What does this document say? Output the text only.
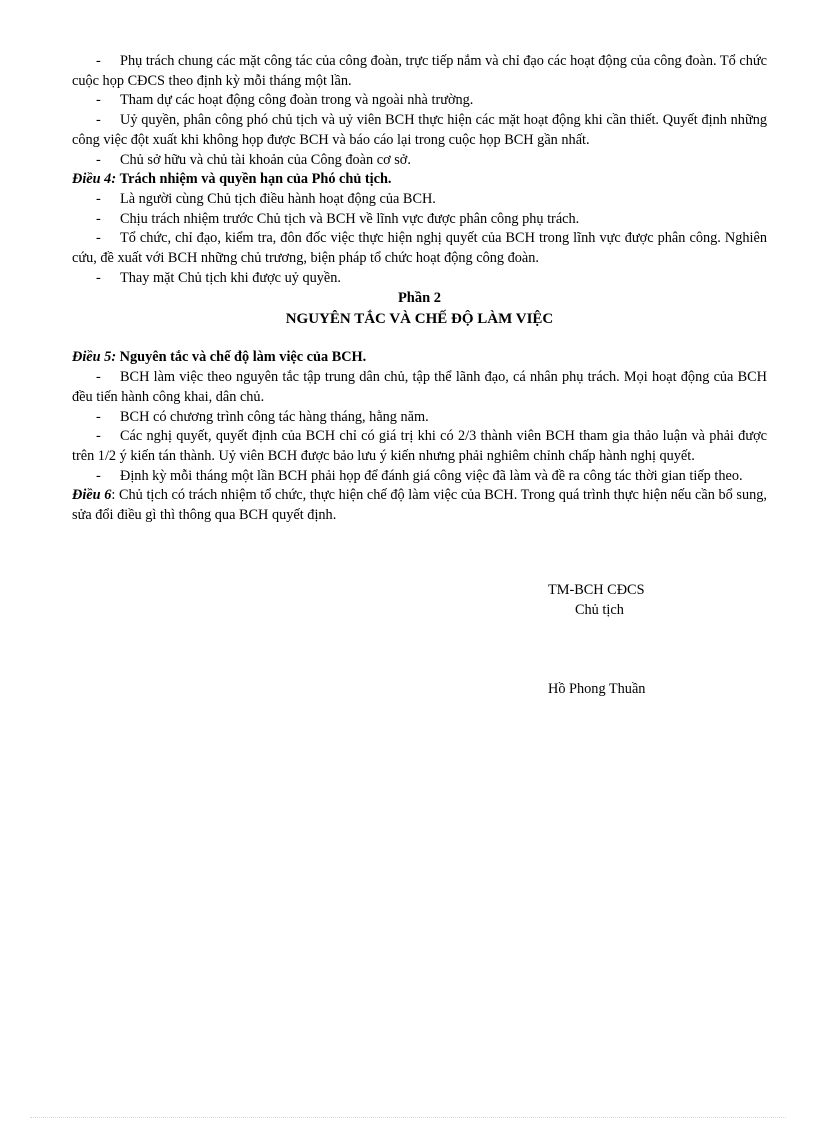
- Phụ trách chung các mặt công tác của công đoàn, trực tiếp nắm và chỉ đạo các hoạt động của công đoàn. Tổ chức cuộc họp CĐCS theo định kỳ mỗi tháng một lần.

- Tham dự các hoạt động công đoàn trong và ngoài nhà trường.

- Uỷ quyền, phân công phó chủ tịch và uỷ viên BCH thực hiện các mặt hoạt động khi cần thiết. Quyết định những công việc đột xuất khi không họp được BCH và báo cáo lại trong cuộc họp BCH gần nhất.

- Chủ sở hữu và chủ tài khoản của Công đoàn cơ sở.

Điều 4: Trách nhiệm và quyền hạn của Phó chủ tịch.

- Là người cùng Chủ tịch điều hành hoạt động của BCH.

- Chịu trách nhiệm trước Chủ tịch và BCH về lĩnh vực được phân công phụ trách.

- Tổ chức, chỉ đạo, kiểm tra, đôn đốc việc thực hiện nghị quyết của BCH trong lĩnh vực được phân công. Nghiên cứu, đề xuất với BCH những chủ trương, biện pháp tổ chức hoạt động công đoàn.

- Thay mặt Chủ tịch khi được uỷ quyền.

Phần 2

NGUYÊN TẮC VÀ CHẾ ĐỘ LÀM VIỆC

Điều 5: Nguyên tắc và chế độ làm việc của BCH.

- BCH làm việc theo nguyên tắc tập trung dân chủ, tập thể lãnh đạo, cá nhân phụ trách. Mọi hoạt động của BCH đều tiến hành công khai, dân chủ.

- BCH có chương trình công tác hàng tháng, hằng năm.

- Các nghị quyết, quyết định của BCH chỉ có giá trị khi có 2/3 thành viên BCH tham gia thảo luận và phải được trên 1/2 ý kiến tán thành. Uỷ viên BCH được bảo lưu ý kiến nhưng phải nghiêm chỉnh chấp hành nghị quyết.

- Định kỳ mỗi tháng một lần BCH phải họp để đánh giá công việc đã làm và đề ra công tác thời gian tiếp theo.

Điều 6: Chủ tịch có trách nhiệm tổ chức, thực hiện chế độ làm việc của BCH. Trong quá trình thực hiện nếu cần bổ sung, sửa đổi điều gì thì thông qua BCH quyết định.

TM-BCH CĐCS

Chủ tịch

Hồ Phong Thuần
